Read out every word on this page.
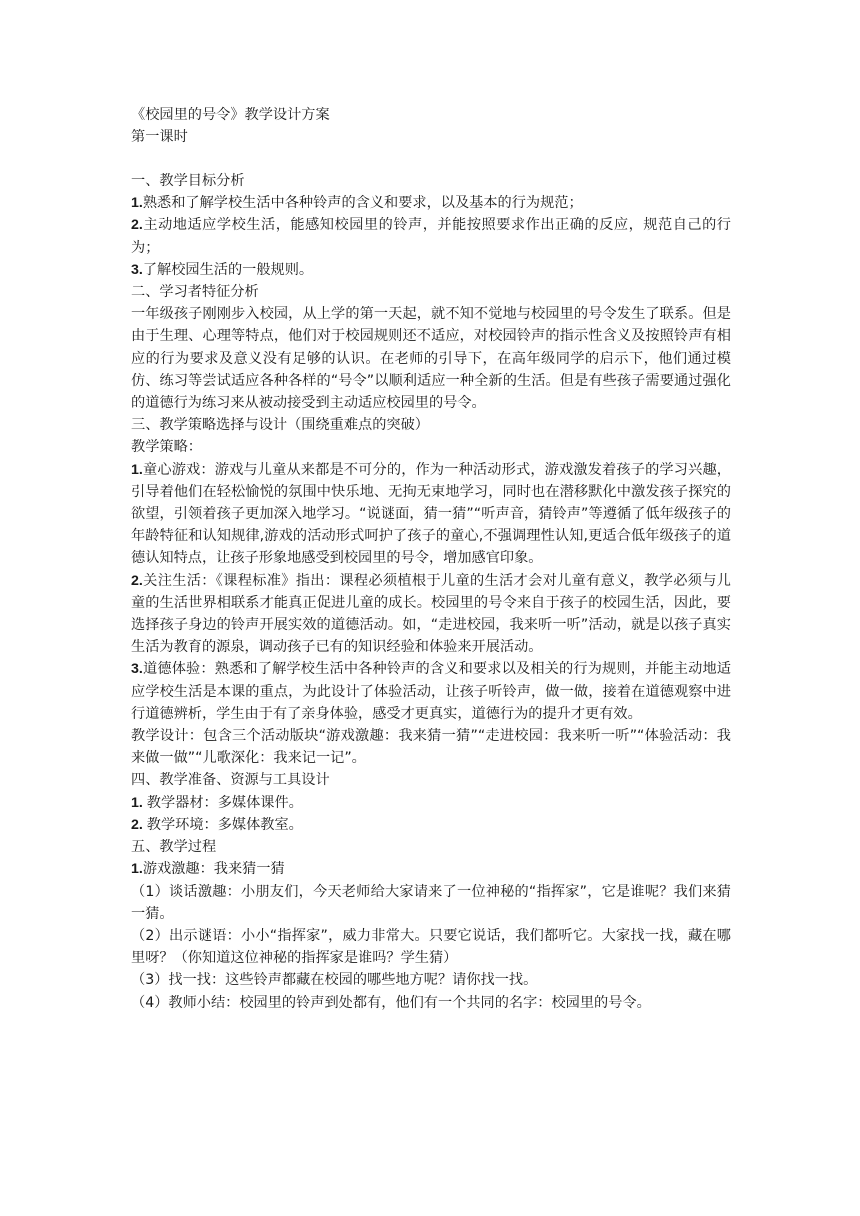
《校园里的号令》教学设计方案

第一课时

一、教学目标分析

1.熟悉和了解学校生活中各种铃声的含义和要求，以及基本的行为规范；

2.主动地适应学校生活，能感知校园里的铃声，并能按照要求作出正确的反应，规范自己的行为；

3.了解校园生活的一般规则。

二、学习者特征分析

一年级孩子刚刚步入校园，从上学的第一天起，就不知不觉地与校园里的号令发生了联系。但是由于生理、心理等特点，他们对于校园规则还不适应，对校园铃声的指示性含义及按照铃声有相应的行为要求及意义没有足够的认识。在老师的引导下，在高年级同学的启示下，他们通过模仿、练习等尝试适应各种各样的“号令”以顺利适应一种全新的生活。但是有些孩子需要通过强化的道德行为练习来从被动接受到主动适应校园里的号令。

三、教学策略选择与设计（围绕重难点的突破）

教学策略：

1.童心游戏：游戏与儿童从来都是不可分的，作为一种活动形式，游戏激发着孩子的学习兴趣，引导着他们在轻松愉悦的氛围中快乐地、无拘无束地学习，同时也在潜移默化中激发孩子探究的欲望，引领着孩子更加深入地学习。“说谜面，猜一猜”“听声音，猜铃声”等遵循了低年级孩子的年龄特征和认知规律,游戏的活动形式呵护了孩子的童心,不强调理性认知,更适合低年级孩子的道德认知特点，让孩子形象地感受到校园里的号令，增加感官印象。

2.关注生活：《课程标准》指出：课程必须植根于儿童的生活才会对儿童有意义，教学必须与儿童的生活世界相联系才能真正促进儿童的成长。校园里的号令来自于孩子的校园生活，因此，要选择孩子身边的铃声开展实效的道德活动。如，“走进校园，我来听一听”活动，就是以孩子真实生活为教育的源泉，调动孩子已有的知识经验和体验来开展活动。

3.道德体验：熟悉和了解学校生活中各种铃声的含义和要求以及相关的行为规则，并能主动地适应学校生活是本课的重点，为此设计了体验活动，让孩子听铃声，做一做，接着在道德观察中进行道德辨析，学生由于有了亲身体验，感受才更真实，道德行为的提升才更有效。

教学设计：包含三个活动版块“游戏激趣：我来猜一猜”“走进校园：我来听一听”“体验活动：我来做一做”“儿歌深化：我来记一记”。

四、教学准备、资源与工具设计

1. 教学器材：多媒体课件。

2. 教学环境：多媒体教室。

五、教学过程

1.游戏激趣：我来猜一猜

（1）谈话激趣：小朋友们，今天老师给大家请来了一位神秘的“指挥家”，它是谁呢？我们来猜一猜。

（2）出示谜语：小小“指挥家”，威力非常大。只要它说话，我们都听它。大家找一找，藏在哪里呀？（你知道这位神秘的指挥家是谁吗？学生猜）

（3）找一找：这些铃声都藏在校园的哪些地方呢？请你找一找。

（4）教师小结：校园里的铃声到处都有，他们有一个共同的名字：校园里的号令。
